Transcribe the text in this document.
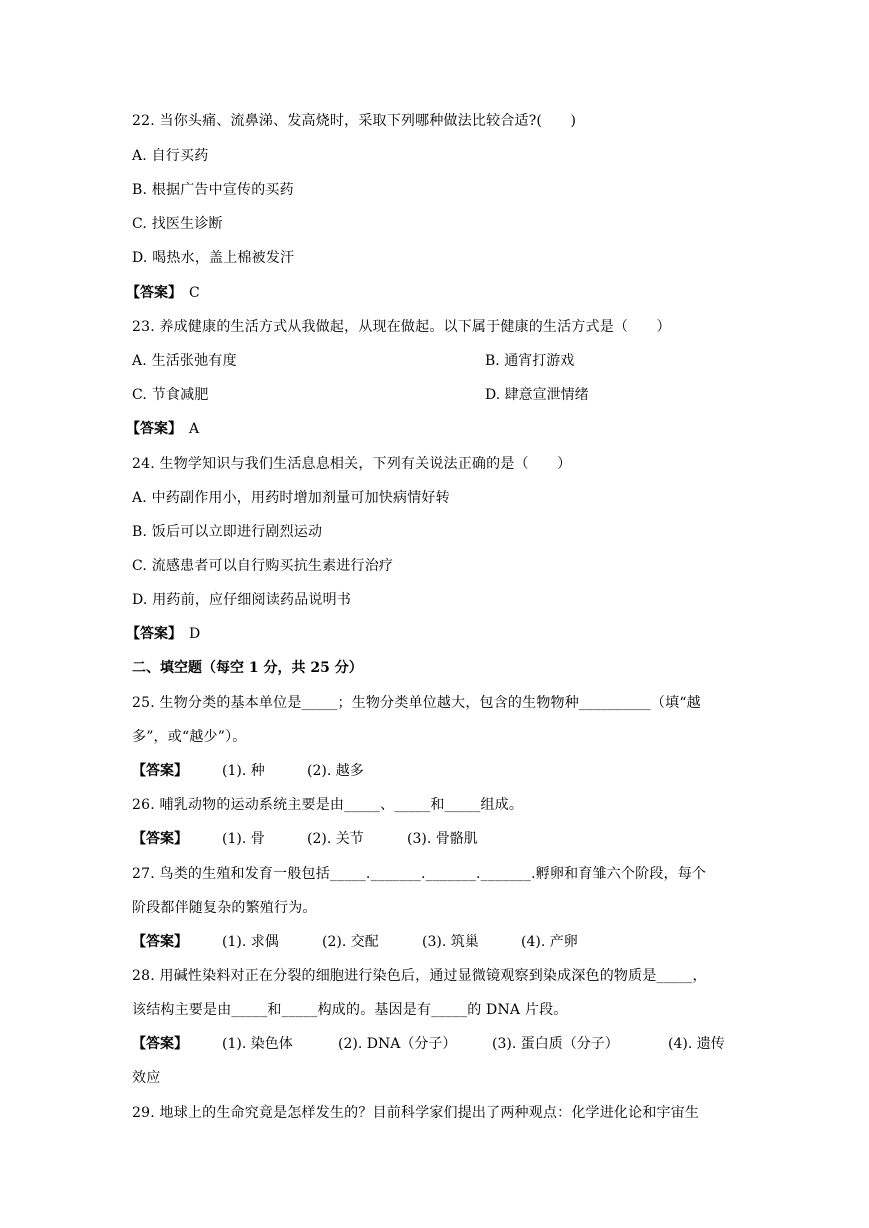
22. 当你头痛、流鼻涕、发高烧时，采取下列哪种做法比较合适?(　　)
A. 自行买药
B. 根据广告中宣传的买药
C. 找医生诊断
D. 喝热水，盖上棉被发汗
【答案】 C
23. 养成健康的生活方式从我做起，从现在做起。以下属于健康的生活方式是（　　）
A. 生活张弛有度	B. 通宵打游戏
C. 节食减肥	D. 肆意宣泄情绪
【答案】 A
24. 生物学知识与我们生活息息相关，下列有关说法正确的是（　　）
A. 中药副作用小，用药时增加剂量可加快病情好转
B. 饭后可以立即进行剧烈运动
C. 流感患者可以自行购买抗生素进行治疗
D. 用药前，应仔细阅读药品说明书
【答案】 D
二、填空题（每空 1 分，共 25 分）
25. 生物分类的基本单位是_____；生物分类单位越大，包含的生物物种__________（填“越
多”，或“越少”）。
【答案】 (1). 种	(2). 越多
26. 哺乳动物的运动系统主要是由_____、_____和_____组成。
【答案】 (1). 骨	(2). 关节	(3). 骨骼肌
27. 鸟类的生殖和发育一般包括_____._______._______._______.孵卵和育雏六个阶段，每个
阶段都伴随复杂的繁殖行为。
【答案】 (1). 求偶	(2). 交配	(3). 筑巢	(4). 产卵
28. 用碱性染料对正在分裂的细胞进行染色后，通过显微镜观察到染成深色的物质是_____，
该结构主要是由_____和_____构成的。基因是有_____的 DNA 片段。
【答案】 (1). 染色体	(2). DNA（分子）	(3). 蛋白质（分子）	(4). 遗传
效应
29. 地球上的生命究竟是怎样发生的？目前科学家们提出了两种观点：化学进化论和宇宙生
